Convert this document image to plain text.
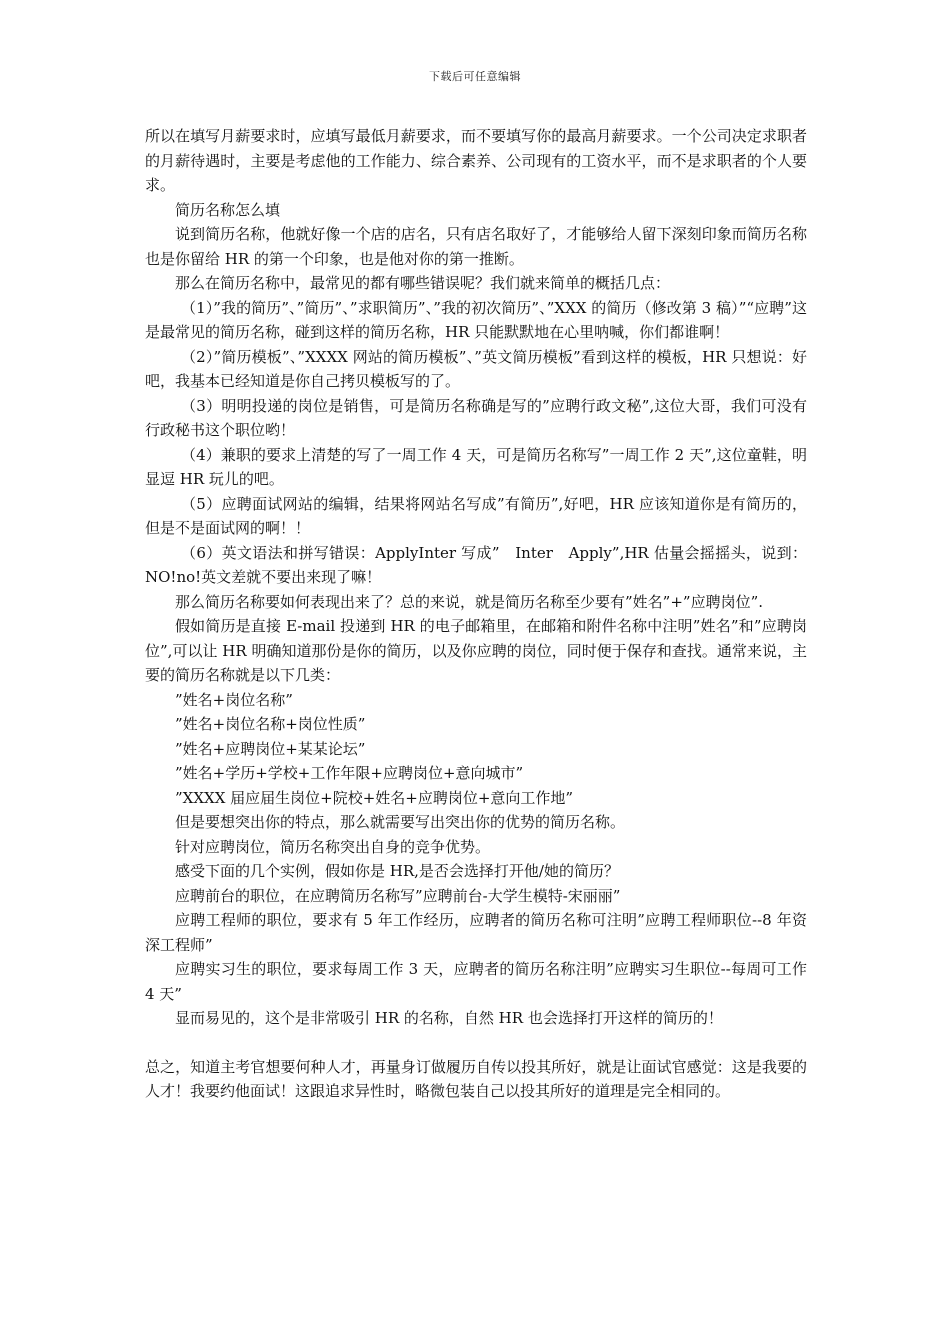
下载后可任意编辑

所以在填写月薪要求时，应填写最低月薪要求，而不要填写你的最高月薪要求。一个公司决定求职者的月薪待遇时，主要是考虑他的工作能力、综合素养、公司现有的工资水平，而不是求职者的个人要求。

简历名称怎么填

说到简历名称，他就好像一个店的店名，只有店名取好了，才能够给人留下深刻印象而简历名称也是你留给 HR 的第一个印象，也是他对你的第一推断。

那么在简历名称中，最常见的都有哪些错误呢？我们就来简单的概括几点：

（1）”我的简历”、”简历”、”求职简历”、”我的初次简历”、”XXX 的简历（修改第 3 稿）”“应聘”这是最常见的简历名称，碰到这样的简历名称，HR 只能默默地在心里呐喊，你们都谁啊！

（2）”简历模板”、”XXXX 网站的简历模板”、”英文简历模板”看到这样的模板，HR 只想说：好吧，我基本已经知道是你自己拷贝模板写的了。

（3）明明投递的岗位是销售，可是简历名称确是写的”应聘行政文秘”,这位大哥，我们可没有行政秘书这个职位哟！

（4）兼职的要求上清楚的写了一周工作 4 天，可是简历名称写”一周工作 2 天”,这位童鞋，明显逗 HR 玩儿的吧。

（5）应聘面试网站的编辑，结果将网站名写成”有简历”,好吧，HR 应该知道你是有简历的，但是不是面试网的啊！！

（6）英文语法和拼写错误：ApplyInter 写成”　Inter　Apply”,HR 估量会摇摇头，说到：NO!no!英文差就不要出来现了嘛！

那么简历名称要如何表现出来了？总的来说，就是简历名称至少要有”姓名”+”应聘岗位”.

假如简历是直接 E-mail 投递到 HR 的电子邮箱里，在邮箱和附件名称中注明”姓名”和”应聘岗位”,可以让 HR 明确知道那份是你的简历，以及你应聘的岗位，同时便于保存和查找。通常来说，主要的简历名称就是以下几类：

”姓名+岗位名称”

”姓名+岗位名称+岗位性质”

”姓名+应聘岗位+某某论坛”

”姓名+学历+学校+工作年限+应聘岗位+意向城市”

”XXXX 届应届生岗位+院校+姓名+应聘岗位+意向工作地”

但是要想突出你的特点，那么就需要写出突出你的优势的简历名称。

针对应聘岗位，简历名称突出自身的竞争优势。

感受下面的几个实例，假如你是 HR,是否会选择打开他/她的简历？

应聘前台的职位，在应聘简历名称写”应聘前台-大学生模特-宋丽丽”

应聘工程师的职位，要求有 5 年工作经历，应聘者的简历名称可注明”应聘工程师职位--8 年资深工程师”

应聘实习生的职位，要求每周工作 3 天，应聘者的简历名称注明”应聘实习生职位--每周可工作 4 天”

显而易见的，这个是非常吸引 HR 的名称，自然 HR 也会选择打开这样的简历的！

总之，知道主考官想要何种人才，再量身订做履历自传以投其所好，就是让面试官感觉：这是我要的人才！我要约他面试！这跟追求异性时，略微包装自己以投其所好的道理是完全相同的。
